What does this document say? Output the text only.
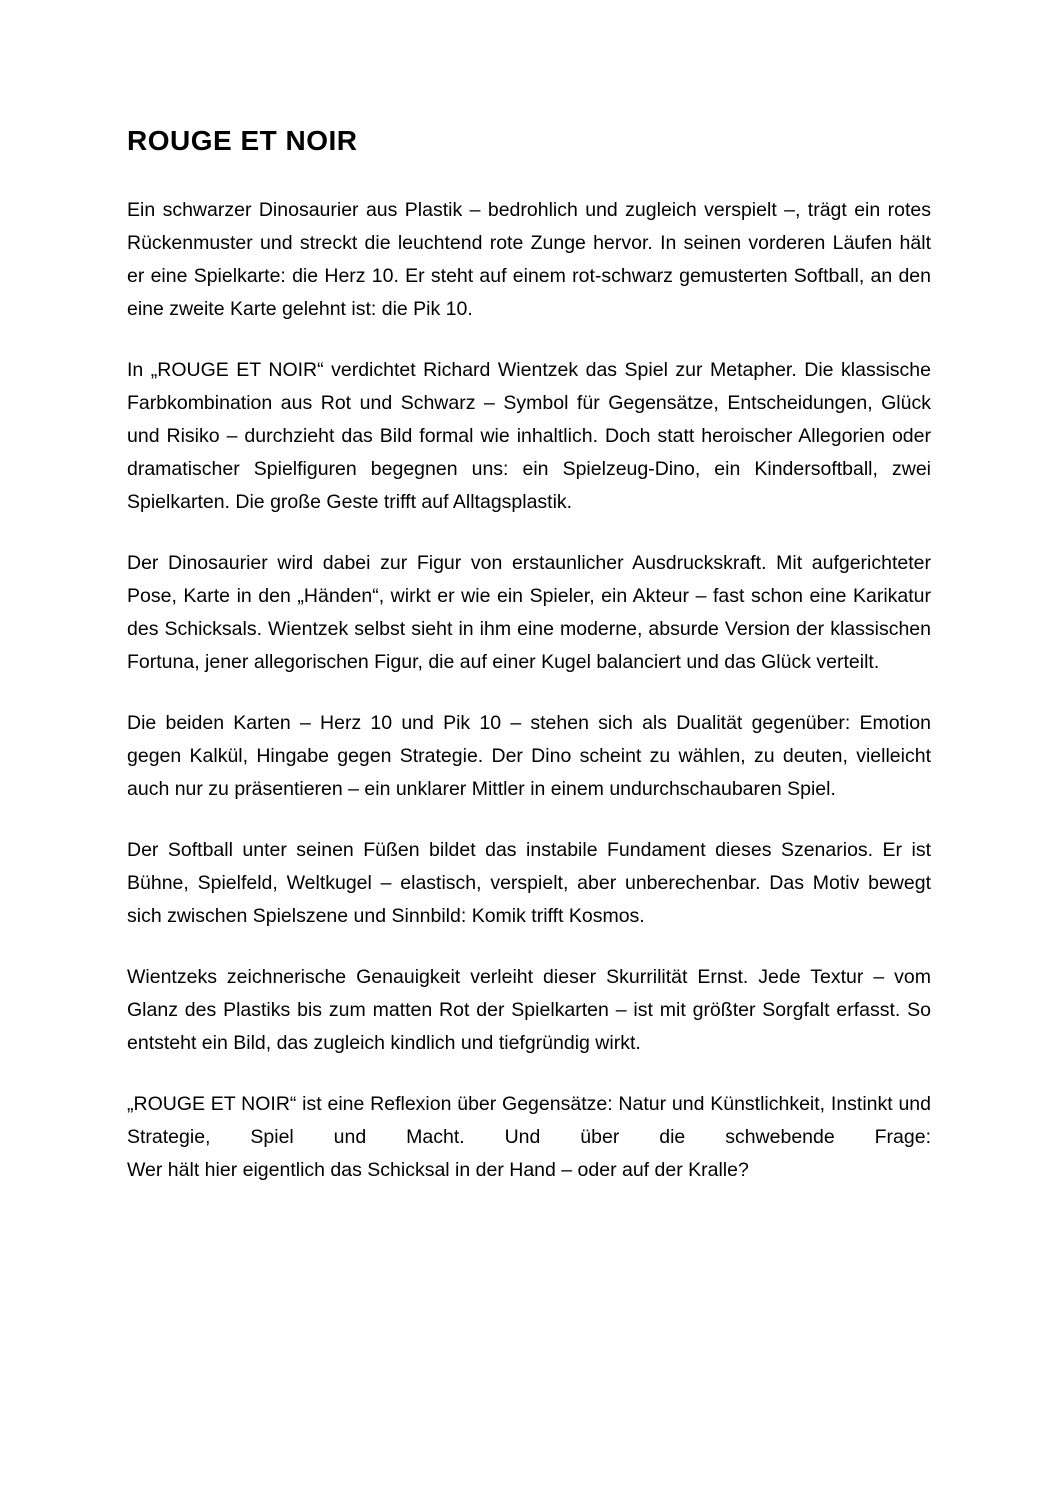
ROUGE ET NOIR

Ein schwarzer Dinosaurier aus Plastik – bedrohlich und zugleich verspielt –, trägt ein rotes Rückenmuster und streckt die leuchtend rote Zunge hervor. In seinen vorderen Läufen hält er eine Spielkarte: die Herz 10. Er steht auf einem rot-schwarz gemusterten Softball, an den eine zweite Karte gelehnt ist: die Pik 10.

In „ROUGE ET NOIR“ verdichtet Richard Wientzek das Spiel zur Metapher. Die klassische Farbkombination aus Rot und Schwarz – Symbol für Gegensätze, Entscheidungen, Glück und Risiko – durchzieht das Bild formal wie inhaltlich. Doch statt heroischer Allegorien oder dramatischer Spielfiguren begegnen uns: ein Spielzeug-Dino, ein Kindersoftball, zwei Spielkarten. Die große Geste trifft auf Alltagsplastik.

Der Dinosaurier wird dabei zur Figur von erstaunlicher Ausdruckskraft. Mit aufgerichteter Pose, Karte in den „Händen“, wirkt er wie ein Spieler, ein Akteur – fast schon eine Karikatur des Schicksals. Wientzek selbst sieht in ihm eine moderne, absurde Version der klassischen Fortuna, jener allegorischen Figur, die auf einer Kugel balanciert und das Glück verteilt.

Die beiden Karten – Herz 10 und Pik 10 – stehen sich als Dualität gegenüber: Emotion gegen Kalkül, Hingabe gegen Strategie. Der Dino scheint zu wählen, zu deuten, vielleicht auch nur zu präsentieren – ein unklarer Mittler in einem undurchschaubaren Spiel.

Der Softball unter seinen Füßen bildet das instabile Fundament dieses Szenarios. Er ist Bühne, Spielfeld, Weltkugel – elastisch, verspielt, aber unberechenbar. Das Motiv bewegt sich zwischen Spielszene und Sinnbild: Komik trifft Kosmos.

Wientzeks zeichnerische Genauigkeit verleiht dieser Skurrilität Ernst. Jede Textur – vom Glanz des Plastiks bis zum matten Rot der Spielkarten – ist mit größter Sorgfalt erfasst. So entsteht ein Bild, das zugleich kindlich und tiefgründig wirkt.

„ROUGE ET NOIR“ ist eine Reflexion über Gegensätze: Natur und Künstlichkeit, Instinkt und Strategie, Spiel und Macht. Und über die schwebende Frage:
Wer hält hier eigentlich das Schicksal in der Hand – oder auf der Kralle?
